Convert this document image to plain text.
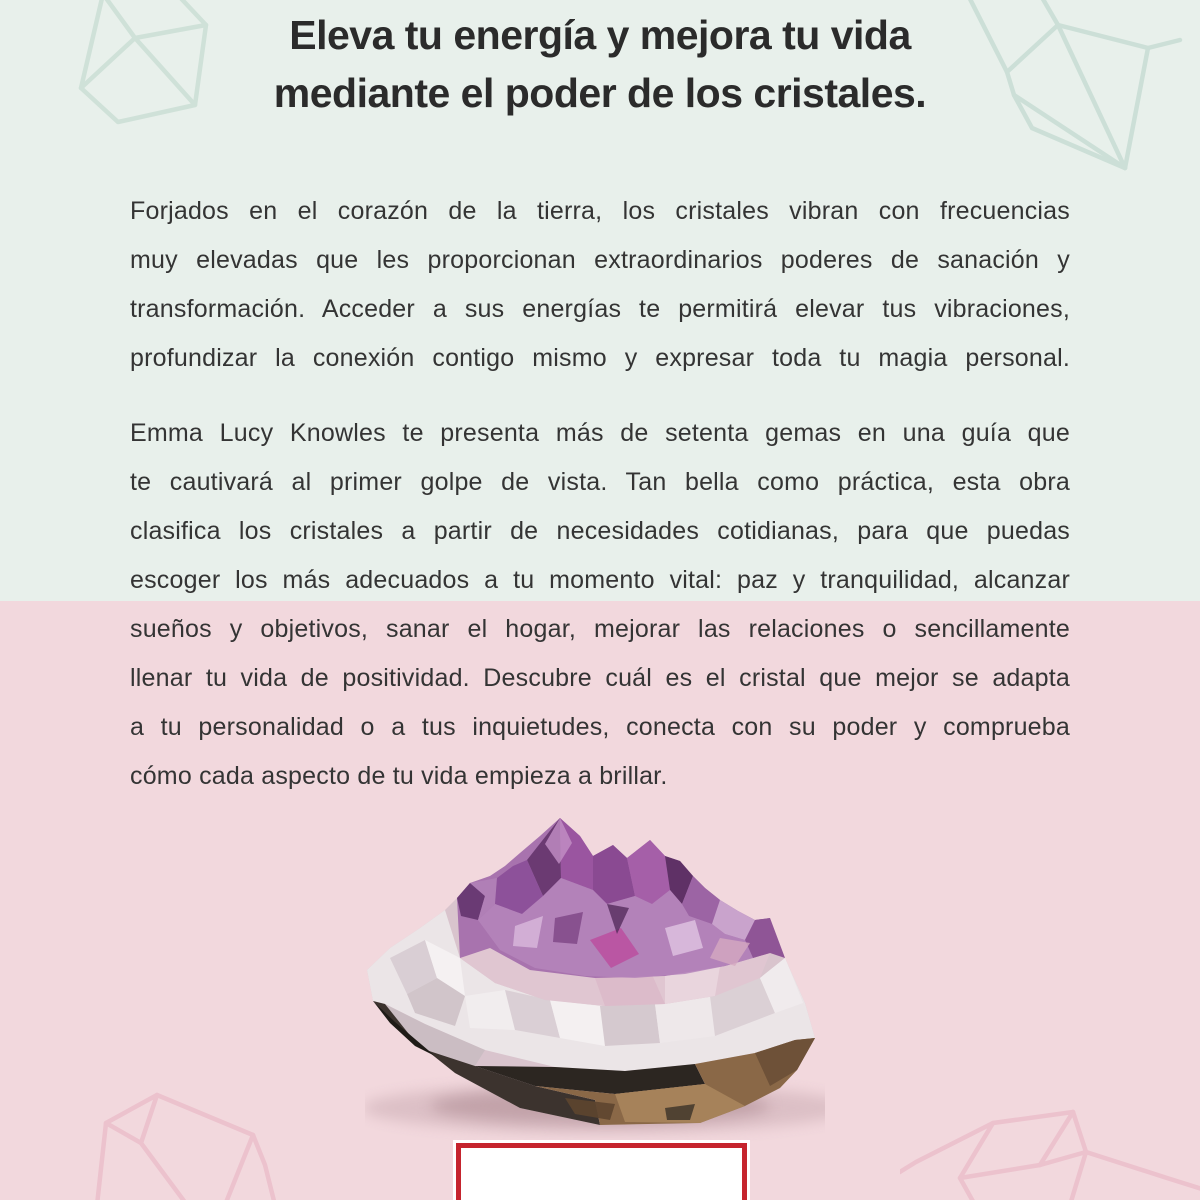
Eleva tu energía y mejora tu vida
mediante el poder de los cristales.
Forjados en el corazón de la tierra, los cristales vibran con frecuencias
muy elevadas que les proporcionan extraordinarios poderes de sanación y
transformación. Acceder a sus energías te permitirá elevar tus vibraciones,
profundizar la conexión contigo mismo y expresar toda tu magia personal.
Emma Lucy Knowles te presenta más de setenta gemas en una guía que
te cautivará al primer golpe de vista. Tan bella como práctica, esta obra
clasifica los cristales a partir de necesidades cotidianas, para que puedas
escoger los más adecuados a tu momento vital: paz y tranquilidad, alcanzar
sueños y objetivos, sanar el hogar, mejorar las relaciones o sencillamente
llenar tu vida de positividad. Descubre cuál es el cristal que mejor se adapta
a tu personalidad o a tus inquietudes, conecta con su poder y comprueba
cómo cada aspecto de tu vida empieza a brillar.
